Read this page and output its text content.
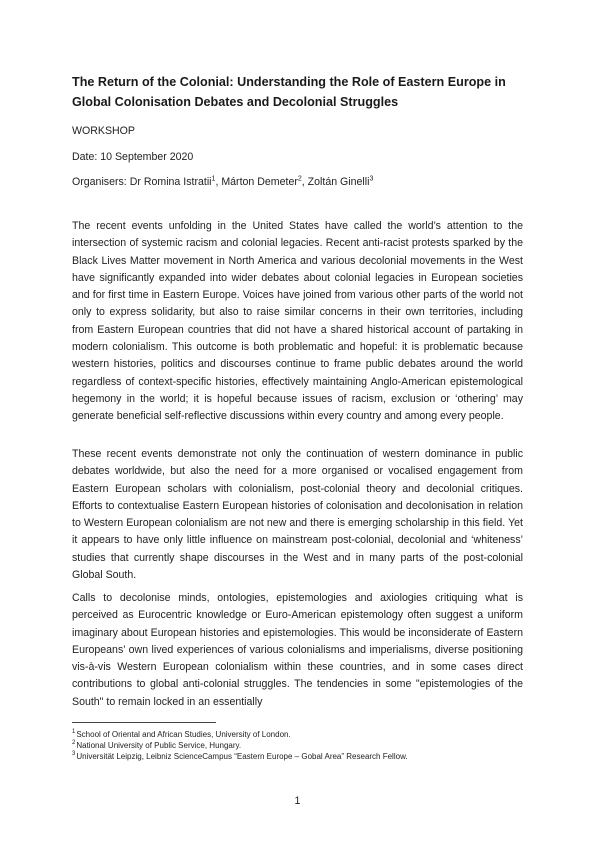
The Return of the Colonial: Understanding the Role of Eastern Europe in Global Colonisation Debates and Decolonial Struggles
WORKSHOP
Date: 10 September 2020
Organisers: Dr Romina Istratii$^1$, Márton Demeter$^2$, Zoltán Ginelli$^3$

The recent events unfolding in the United States have called the world’s attention to the intersection of systemic racism and colonial legacies. Recent anti-racist protests sparked by the Black Lives Matter movement in North America and various decolonial movements in the West have significantly expanded into wider debates about colonial legacies in European societies and for first time in Eastern Europe. Voices have joined from various other parts of the world not only to express solidarity, but also to raise similar concerns in their own territories, including from Eastern European countries that did not have a shared historical account of partaking in modern colonialism. This outcome is both problematic and hopeful: it is problematic because western histories, politics and discourses continue to frame public debates around the world regardless of context-specific histories, effectively maintaining Anglo-American epistemological hegemony in the world; it is hopeful because issues of racism, exclusion or ‘othering’ may generate beneficial self-reflective discussions within every country and among every people.

These recent events demonstrate not only the continuation of western dominance in public debates worldwide, but also the need for a more organised or vocalised engagement from Eastern European scholars with colonialism, post-colonial theory and decolonial critiques. Efforts to contextualise Eastern European histories of colonisation and decolonisation in relation to Western European colonialism are not new and there is emerging scholarship in this field. Yet it appears to have only little influence on mainstream post-colonial, decolonial and ‘whiteness’ studies that currently shape discourses in the West and in many parts of the post-colonial Global South.

Calls to decolonise minds, ontologies, epistemologies and axiologies critiquing what is perceived as Eurocentric knowledge or Euro-American epistemology often suggest a uniform imaginary about European histories and epistemologies. This would be inconsiderate of Eastern Europeans’ own lived experiences of various colonialisms and imperialisms, diverse positioning vis-à-vis Western European colonialism within these countries, and in some cases direct contributions to global anti-colonial struggles. The tendencies in some "epistemologies of the South" to remain locked in an essentially

$^1$School of Oriental and African Studies, University of London.
$^2$National University of Public Service, Hungary.
$^3$Universität Leipzig, Leibniz ScienceCampus “Eastern Europe – Gobal Area” Research Fellow.
1
